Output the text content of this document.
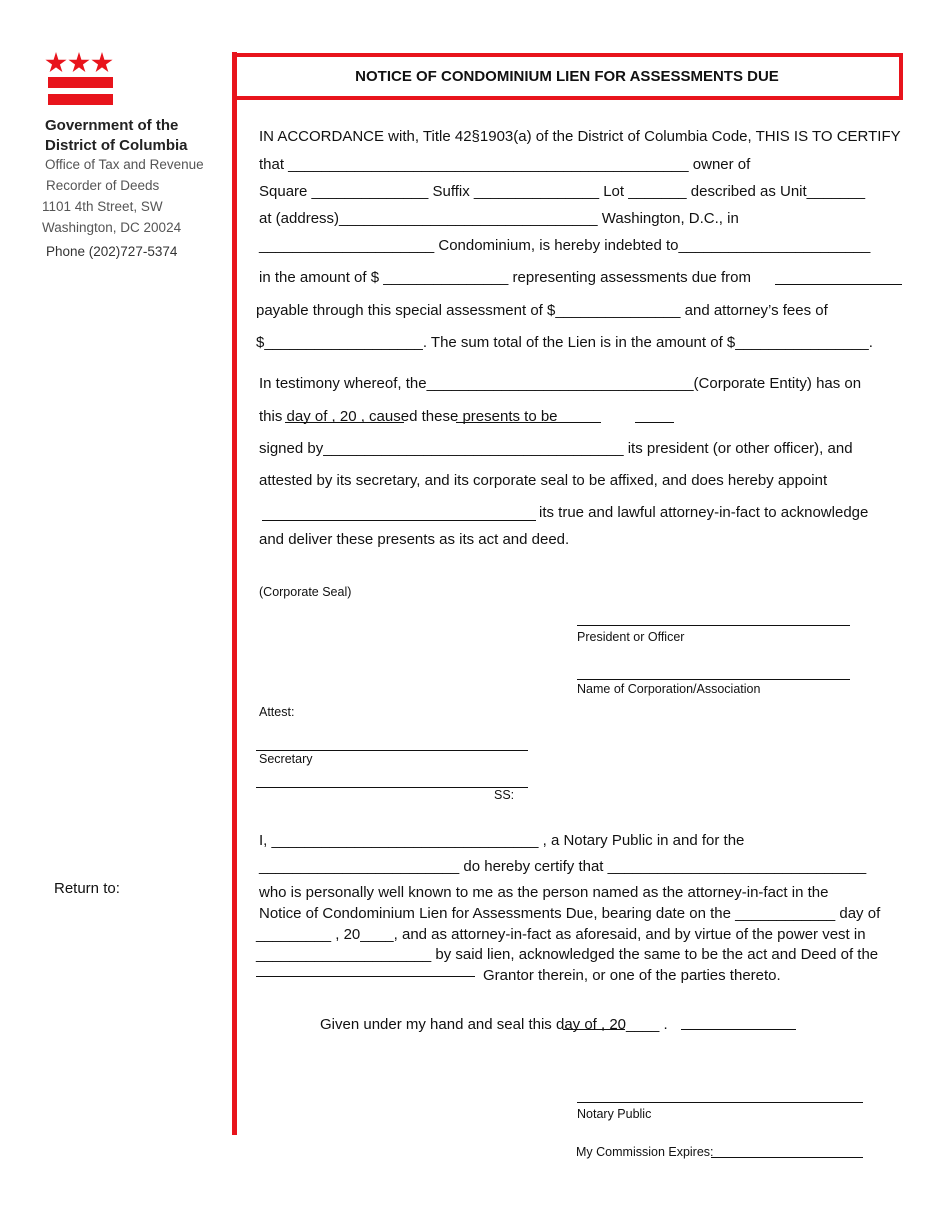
Government of the
District of Columbia
Office of Tax and Revenue
Recorder of Deeds
1101 4th Street, SW
Washington, DC 20024
Phone (202)727-5374
Return to:
NOTICE OF CONDOMINIUM LIEN FOR ASSESSMENTS DUE
IN ACCORDANCE with, Title 42§1903(a) of the District of Columbia Code, THIS IS TO CERTIFY
that ________________________________________________ owner of
Square ______________ Suffix _______________ Lot _______ described as Unit_______
at (address)_______________________________ Washington, D.C., in
_____________________ Condominium, is hereby indebted to_______________________
in the amount of $ _______________ representing assessments due from
payable through this special assessment of $_______________ and attorney’s fees of
$___________________. The sum total of the Lien is in the amount of $________________.
In testimony whereof, the________________________________(Corporate Entity) has on
this day of , 20 , caused these presents to be
signed by____________________________________ its president (or other officer), and
attested by its secretary, and its corporate seal to be affixed, and does hereby appoint
its true and lawful attorney-in-fact to acknowledge
and deliver these presents as its act and deed.
(Corporate Seal)
President or Officer
Name of Corporation/Association
Attest:
Secretary
SS:
I, ________________________________ , a Notary Public in and for the
________________________ do hereby certify that _______________________________
who is personally well known to me as the person named as the attorney-in-fact in the
Notice of Condominium Lien for Assessments Due, bearing date on the ____________ day of
_________ , 20____, and as attorney-in-fact as aforesaid, and by virtue of the power vest in
_____________________ by said lien, acknowledged the same to be the act and Deed of the
Grantor therein, or one of the parties thereto.
Given under my hand and seal this day of , 20____ .
Notary Public
My Commission Expires:
